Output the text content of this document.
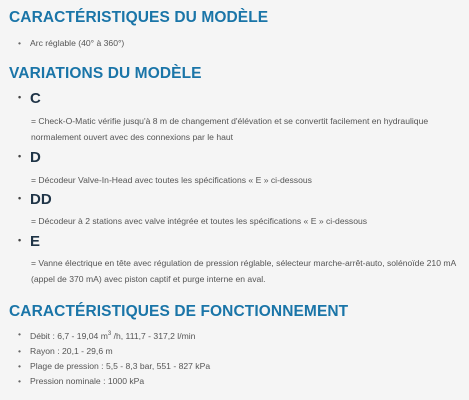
CARACTÉRISTIQUES DU MODÈLE
• Arc réglable (40° à 360°)
VARIATIONS DU MODÈLE
• C
= Check-O-Matic vérifie jusqu'à 8 m de changement d'élévation et se convertit facilement en hydraulique normalement ouvert avec des connexions par le haut
• D
= Décodeur Valve-In-Head avec toutes les spécifications « E » ci-dessous
• DD
= Décodeur à 2 stations avec valve intégrée et toutes les spécifications « E » ci-dessous
• E
= Vanne électrique en tête avec régulation de pression réglable, sélecteur marche-arrêt-auto, solénoïde 210 mA (appel de 370 mA) avec piston captif et purge interne en aval.
CARACTÉRISTIQUES DE FONCTIONNEMENT
• Débit : 6,7 - 19,04 $m^3$ /h, 111,7 - 317,2 l/min
• Rayon : 20,1 - 29,6 m
• Plage de pression : 5,5 - 8,3 bar, 551 - 827 kPa
• Pression nominale : 1000 kPa
